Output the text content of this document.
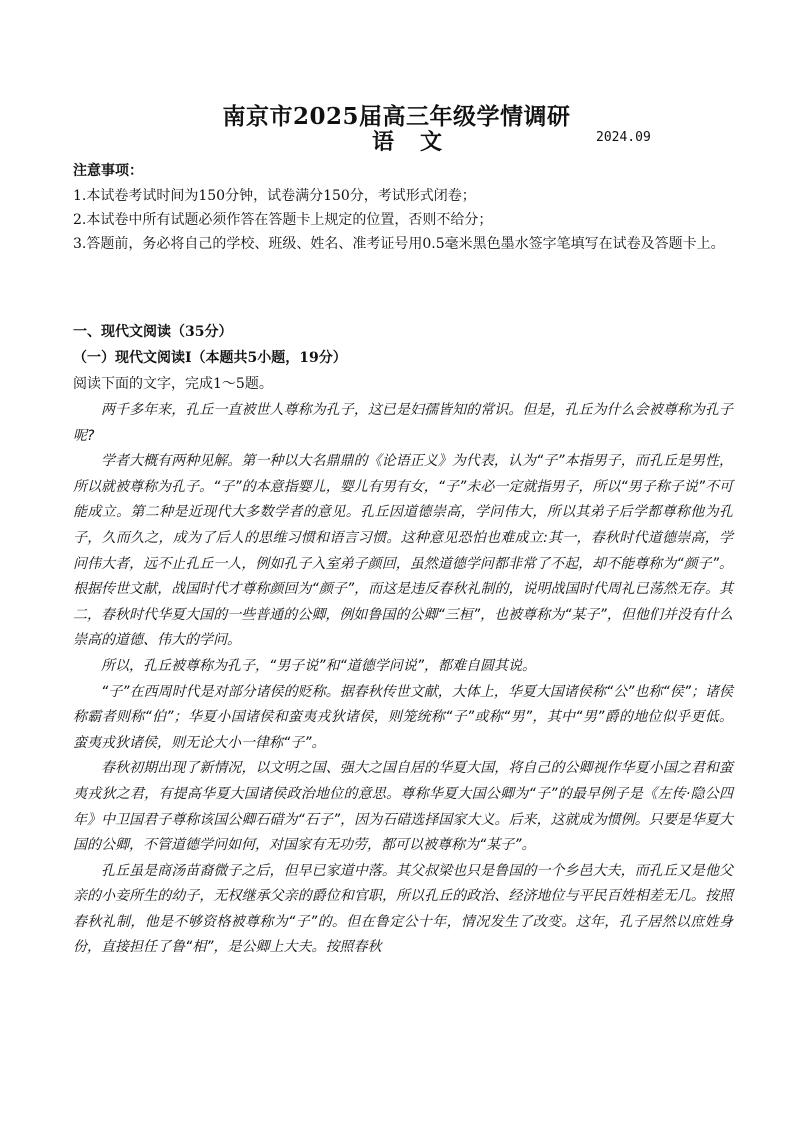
南京市2025届高三年级学情调研
语文	2024.09
注意事项：
1.本试卷考试时间为150分钟，试卷满分150分，考试形式闭卷；
2.本试卷中所有试题必须作答在答题卡上规定的位置，否则不给分；
3.答题前，务必将自己的学校、班级、姓名、准考证号用0.5毫米黑色墨水签字笔填写在试卷及答题卡上。
一、现代文阅读（35分）
（一）现代文阅读I（本题共5小题，19分）
阅读下面的文字，完成1～5题。

两千多年来，孔丘一直被世人尊称为孔子，这已是妇孺皆知的常识。但是，孔丘为什么会被尊称为孔子呢?

学者大概有两种见解。第一种以大名鼎鼎的《论语正义》为代表，认为“子”本指男子，而孔丘是男性，所以就被尊称为孔子。“子”的本意指婴儿，婴儿有男有女，“子”未必一定就指男子，所以“男子称子说”不可能成立。第二种是近现代大多数学者的意见。孔丘因道德崇高，学问伟大，所以其弟子后学都尊称他为孔子，久而久之，成为了后人的思维习惯和语言习惯。这种意见恐怕也难成立:其一，春秋时代道德崇高，学问伟大者，远不止孔丘一人，例如孔子入室弟子颜回，虽然道德学问都非常了不起，却不能尊称为“颜子”。根据传世文献，战国时代才尊称颜回为“颜子”，而这是违反春秋礼制的，说明战国时代周礼已荡然无存。其二，春秋时代华夏大国的一些普通的公卿，例如鲁国的公卿“三桓”，也被尊称为“某子”，但他们并没有什么崇高的道德、伟大的学问。

所以，孔丘被尊称为孔子，“男子说”和“道德学问说”，都难自圆其说。

“子”在西周时代是对部分诸侯的贬称。据春秋传世文献，大体上，华夏大国诸侯称“公”也称“侯”；诸侯称霸者则称“伯”；华夏小国诸侯和蛮夷戎狄诸侯，则笼统称“子”或称“男”，其中“男”爵的地位似乎更低。蛮夷戎狄诸侯，则无论大小一律称“子”。

春秋初期出现了新情况，以文明之国、强大之国自居的华夏大国，将自己的公卿视作华夏小国之君和蛮夷戎狄之君，有提高华夏大国诸侯政治地位的意思。尊称华夏大国公卿为“子”的最早例子是《左传·隐公四年》中卫国君子尊称该国公卿石碏为“石子”，因为石碏选择国家大义。后来，这就成为惯例。只要是华夏大国的公卿，不管道德学问如何，对国家有无功劳，都可以被尊称为“某子”。

孔丘虽是商汤苗裔微子之后，但早已家道中落。其父叔梁也只是鲁国的一个乡邑大夫，而孔丘又是他父亲的小妾所生的幼子，无权继承父亲的爵位和官职，所以孔丘的政治、经济地位与平民百姓相差无几。按照春秋礼制，他是不够资格被尊称为“子”的。但在鲁定公十年，情况发生了改变。这年，孔子居然以庶姓身份，直接担任了鲁“相”，是公卿上大夫。按照春秋
